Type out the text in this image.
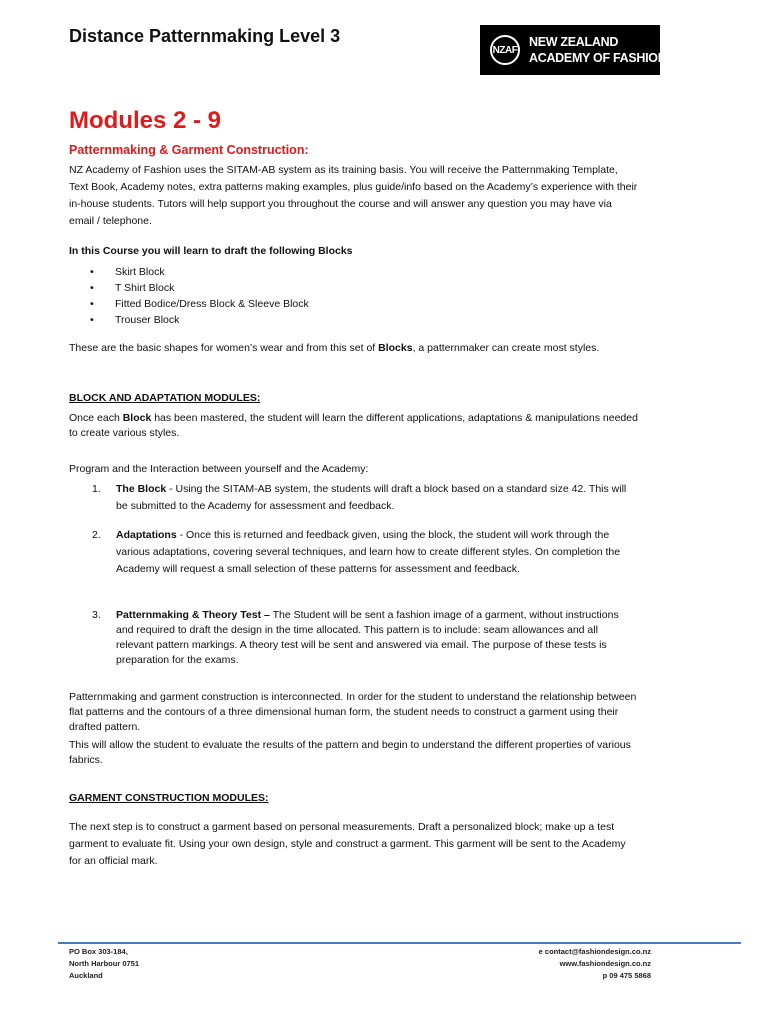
Distance Patternmaking Level 3
NZAF
NEW ZEALAND
ACADEMY OF FASHION
Modules 2 - 9
Patternmaking & Garment Construction:
NZ Academy of Fashion uses the SITAM-AB system as its training basis. You will receive the Patternmaking Template, Text Book, Academy notes, extra patterns making examples, plus guide/info based on the Academy’s experience with their in-house students. Tutors will help support you throughout the course and will answer any question you may have via email / telephone.
In this Course you will learn to draft the following Blocks
•	Skirt Block
•	T Shirt Block
•	Fitted Bodice/Dress Block & Sleeve Block
•	Trouser Block
These are the basic shapes for women’s wear and from this set of Blocks, a patternmaker can create most styles.
BLOCK AND ADAPTATION MODULES:
Once each Block has been mastered, the student will learn the different applications, adaptations & manipulations needed to create various styles.
Program and the Interaction between yourself and the Academy:
1.	The Block - Using the SITAM-AB system, the students will draft a block based on a standard size 42. This will be submitted to the Academy for assessment and feedback.
2.	Adaptations - Once this is returned and feedback given, using the block, the student will work through the various adaptations, covering several techniques, and learn how to create different styles. On completion the Academy will request a small selection of these patterns for assessment and feedback.
3.	Patternmaking & Theory Test – The Student will be sent a fashion image of a garment, without instructions and required to draft the design in the time allocated. This pattern is to include: seam allowances and all relevant pattern markings. A theory test will be sent and answered via email. The purpose of these tests is preparation for the exams.
Patternmaking and garment construction is interconnected. In order for the student to understand the relationship between flat patterns and the contours of a three dimensional human form, the student needs to construct a garment using their drafted pattern.
This will allow the student to evaluate the results of the pattern and begin to understand the different properties of various fabrics.
GARMENT CONSTRUCTION MODULES:
The next step is to construct a garment based on personal measurements. Draft a personalized block; make up a test garment to evaluate fit. Using your own design, style and construct a garment. This garment will be sent to the Academy for an official mark.
PO Box 303-184,
North Harbour 0751
Auckland
e contact@fashiondesign.co.nz
www.fashiondesign.co.nz
p 09 475 5868
